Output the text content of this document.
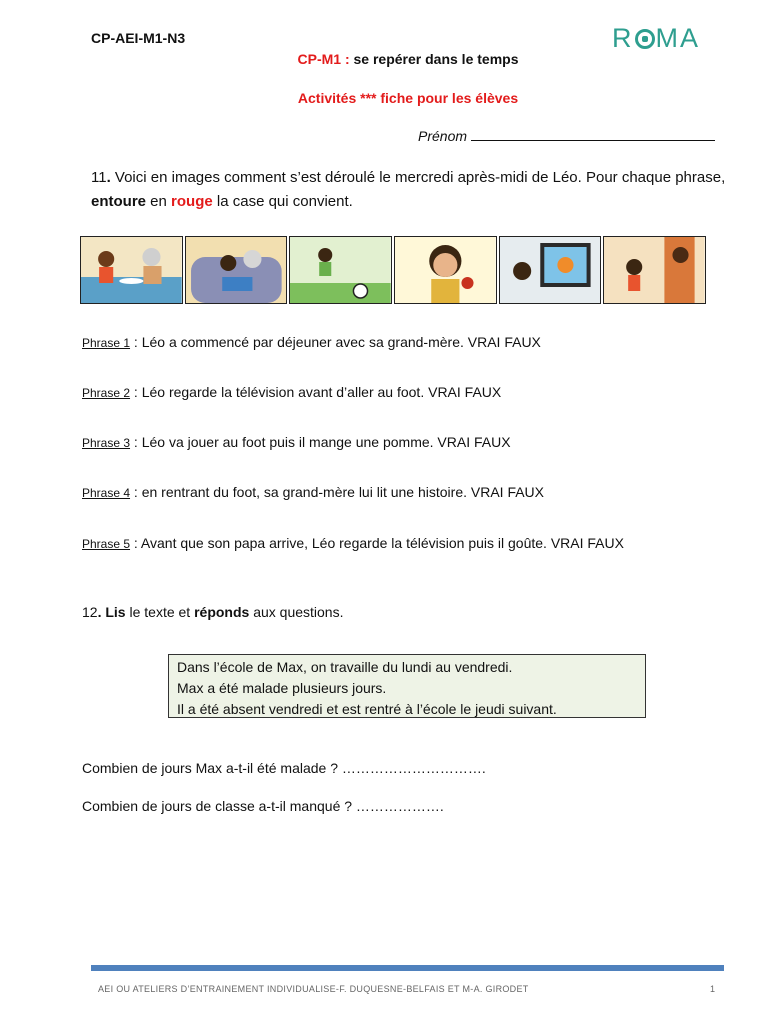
CP-AEI-M1-N3	R MA
CP-M1 : se repérer dans le temps
Activités *** fiche pour les élèves
Prénom
11. Voici en images comment s’est déroulé le mercredi après-midi de Léo. Pour chaque phrase, entoure en rouge la case qui convient.
Phrase 1 : Léo a commencé par déjeuner avec sa grand-mère. VRAI FAUX
Phrase 2 : Léo regarde la télévision avant d’aller au foot. VRAI FAUX
Phrase 3 : Léo va jouer au foot puis il mange une pomme. VRAI FAUX
Phrase 4 : en rentrant du foot, sa grand-mère lui lit une histoire. VRAI FAUX
Phrase 5 : Avant que son papa arrive, Léo regarde la télévision puis il goûte. VRAI FAUX
12. Lis le texte et réponds aux questions.
Dans l’école de Max, on travaille du lundi au vendredi.
Max a été malade plusieurs jours.
Il a été absent vendredi et est rentré à l’école le jeudi suivant.
Combien de jours Max a-t-il été malade ? ………………………….
Combien de jours de classe a-t-il manqué ? ……………….
AEI OU ATELIERS D’ENTRAINEMENT INDIVIDUALISE-F. DUQUESNE-BELFAIS ET M-A. GIRODET	1
